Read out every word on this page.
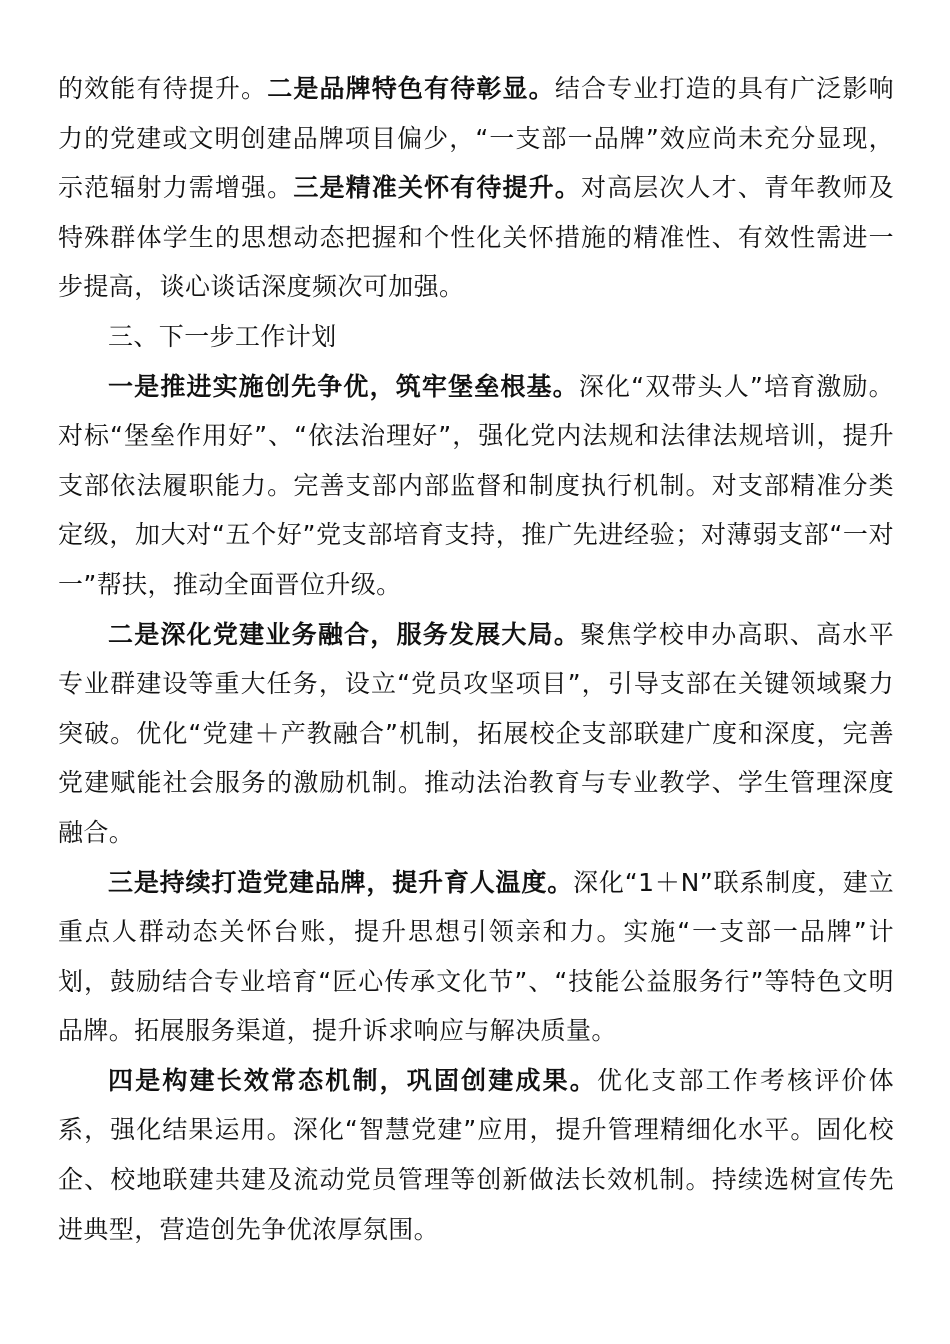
的效能有待提升。二是品牌特色有待彰显。结合专业打造的具有广泛影响力的党建或文明创建品牌项目偏少，“一支部一品牌”效应尚未充分显现，示范辐射力需增强。三是精准关怀有待提升。对高层次人才、青年教师及特殊群体学生的思想动态把握和个性化关怀措施的精准性、有效性需进一步提高，谈心谈话深度频次可加强。

三、下一步工作计划

一是推进实施创先争优，筑牢堡垒根基。深化“双带头人”培育激励。对标“堡垒作用好”、“依法治理好”，强化党内法规和法律法规培训，提升支部依法履职能力。完善支部内部监督和制度执行机制。对支部精准分类定级，加大对“五个好”党支部培育支持，推广先进经验；对薄弱支部“一对一”帮扶，推动全面晋位升级。

二是深化党建业务融合，服务发展大局。聚焦学校申办高职、高水平专业群建设等重大任务，设立“党员攻坚项目”，引导支部在关键领域聚力突破。优化“党建＋产教融合”机制，拓展校企支部联建广度和深度，完善党建赋能社会服务的激励机制。推动法治教育与专业教学、学生管理深度融合。

三是持续打造党建品牌，提升育人温度。深化“1＋N”联系制度，建立重点人群动态关怀台账，提升思想引领亲和力。实施“一支部一品牌”计划，鼓励结合专业培育“匠心传承文化节”、“技能公益服务行”等特色文明品牌。拓展服务渠道，提升诉求响应与解决质量。

四是构建长效常态机制，巩固创建成果。优化支部工作考核评价体系，强化结果运用。深化“智慧党建”应用，提升管理精细化水平。固化校企、校地联建共建及流动党员管理等创新做法长效机制。持续选树宣传先进典型，营造创先争优浓厚氛围。
